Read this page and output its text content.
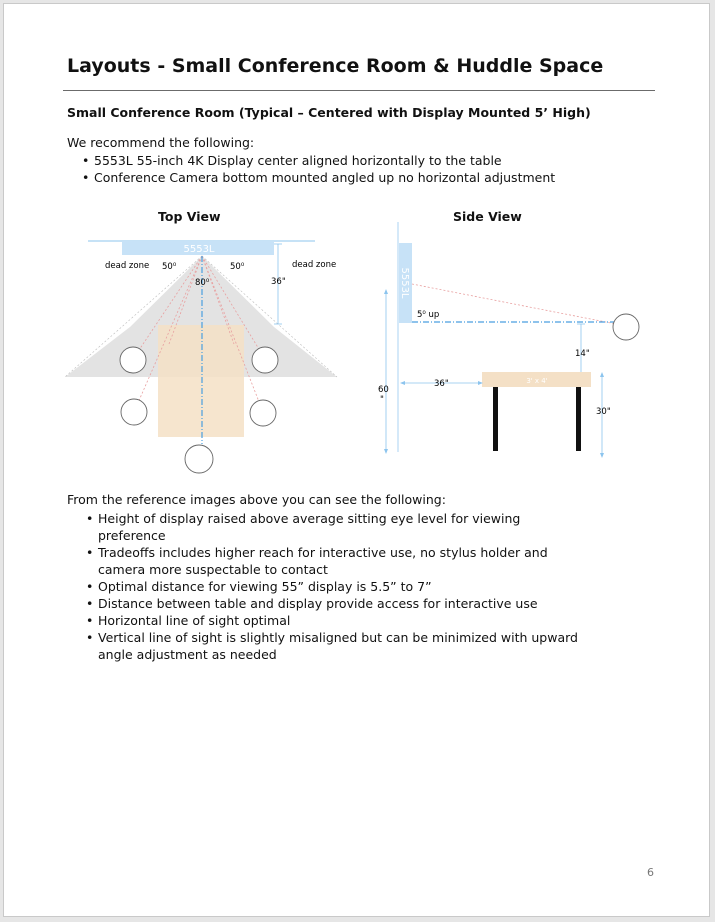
Layouts - Small Conference Room & Huddle Space
Small Conference Room (Typical – Centered with Display Mounted 5’ High)
We recommend the following:
• 5553L 55-inch 4K Display center aligned horizontally to the table
• Conference Camera bottom mounted angled up no horizontal adjustment
Top View	Side View
5553L
dead zone	dead zone
50⁰	50⁰
80⁰	36"	5553L
3' x 4'
5⁰ up
14"
60
"
36"
30"
From the reference images above you can see the following:
• Height of display raised above average sitting eye level for viewing preference
• Tradeoffs includes higher reach for interactive use, no stylus holder and camera more suspectable to contact
• Optimal distance for viewing 55” display is 5.5” to 7”
• Distance between table and display provide access for interactive use
• Horizontal line of sight optimal
• Vertical line of sight is slightly misaligned but can be minimized with upward angle adjustment as needed
6
